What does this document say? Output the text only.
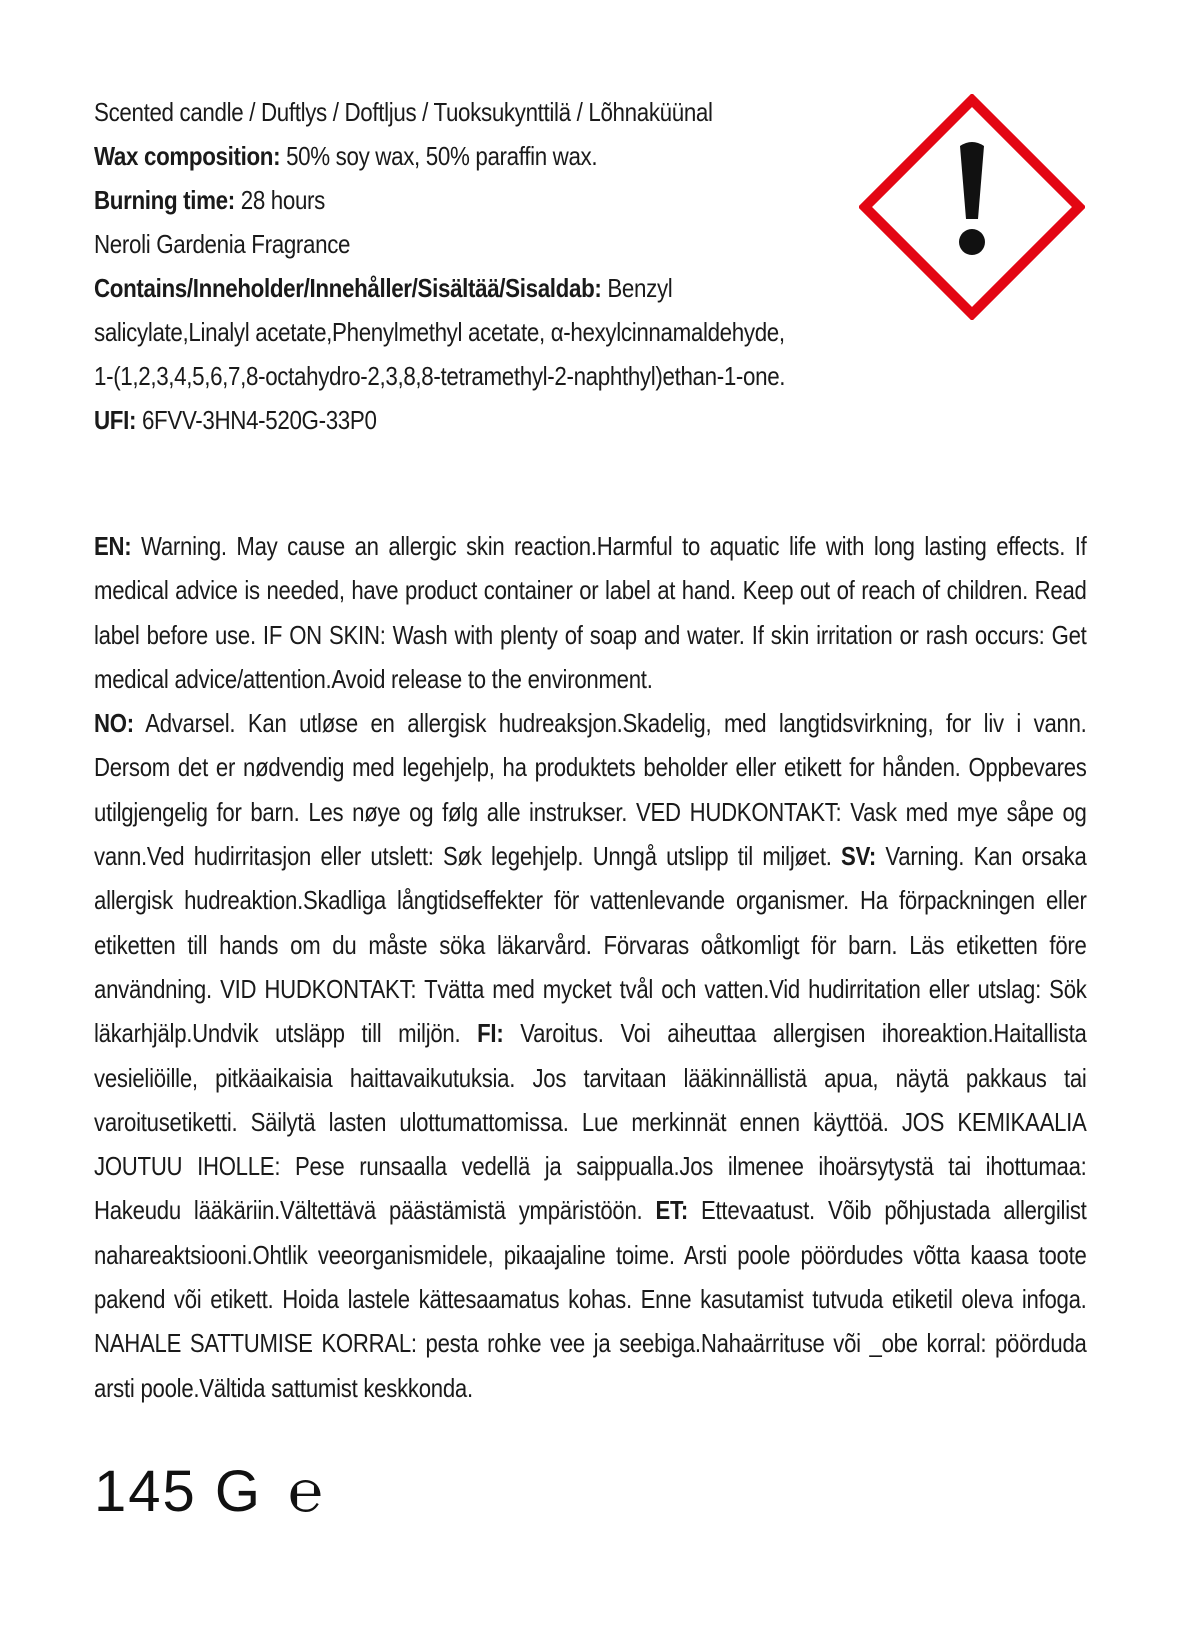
Scented candle / Duftlys / Doftljus / Tuoksukynttilä / Lõhnaküünal
Wax composition: 50% soy wax, 50% paraffin wax.
Burning time: 28 hours
Neroli Gardenia Fragrance
Contains/Inneholder/Innehåller/Sisältää/Sisaldab: Benzyl
salicylate,Linalyl acetate,Phenylmethyl acetate, α-hexylcinnamaldehyde,
1-(1,2,3,4,5,6,7,8-octahydro-2,3,8,8-tetramethyl-2-naphthyl)ethan-1-one.
UFI: 6FVV-3HN4-520G-33P0
EN: Warning. May cause an allergic skin reaction.Harmful to aquatic life with long lasting effects. If medical advice is needed, have product container or label at hand. Keep out of reach of children. Read label before use. IF ON SKIN: Wash with plenty of soap and water. If skin irritation or rash occurs: Get medical advice/attention.Avoid release to the environment.
NO: Advarsel. Kan utløse en allergisk hudreaksjon.Skadelig, med langtidsvirkning, for liv i vann. Dersom det er nødvendig med legehjelp, ha produktets beholder eller etikett for hånden. Oppbevares utilgjengelig for barn. Les nøye og følg alle instrukser. VED HUDKONTAKT: Vask med mye såpe og vann.Ved hudirritasjon eller utslett: Søk legehjelp. Unngå utslipp til miljøet. SV: Varning. Kan orsaka allergisk hudreaktion.Skadliga långtidseffekter för vattenlevande organismer. Ha förpackningen eller etiketten till hands om du måste söka läkarvård. Förvaras oåtkomligt för barn. Läs etiketten före användning. VID HUDKONTAKT: Tvätta med mycket tvål och vatten.Vid hudirritation eller utslag: Sök läkarhjälp.Undvik utsläpp till miljön. FI: Varoitus. Voi aiheuttaa allergisen ihoreaktion.Haitallista vesieliöille, pitkäaikaisia haittavaikutuksia. Jos tarvitaan lääkinnällistä apua, näytä pakkaus tai varoitusetiketti. Säilytä lasten ulottumattomissa. Lue merkinnät ennen käyttöä. JOS KEMIKAALIA JOUTUU IHOLLE: Pese runsaalla vedellä ja saippualla.Jos ilmenee ihoärsytystä tai ihottumaa: Hakeudu lääkäriin.Vältettävä päästämistä ympäristöön. ET: Ettevaatust. Võib põhjustada allergilist nahareaktsiooni.Ohtlik veeorganismidele, pikaajaline toime. Arsti poole pöördudes võtta kaasa toote pakend või etikett. Hoida lastele kättesaamatus kohas. Enne kasutamist tutvuda etiketil oleva infoga. NAHALE SATTUMISE KORRAL: pesta rohke vee ja seebiga.Nahaärrituse või _obe korral: pöörduda arsti poole.Vältida sattumist keskkonda.
145 G ℮
